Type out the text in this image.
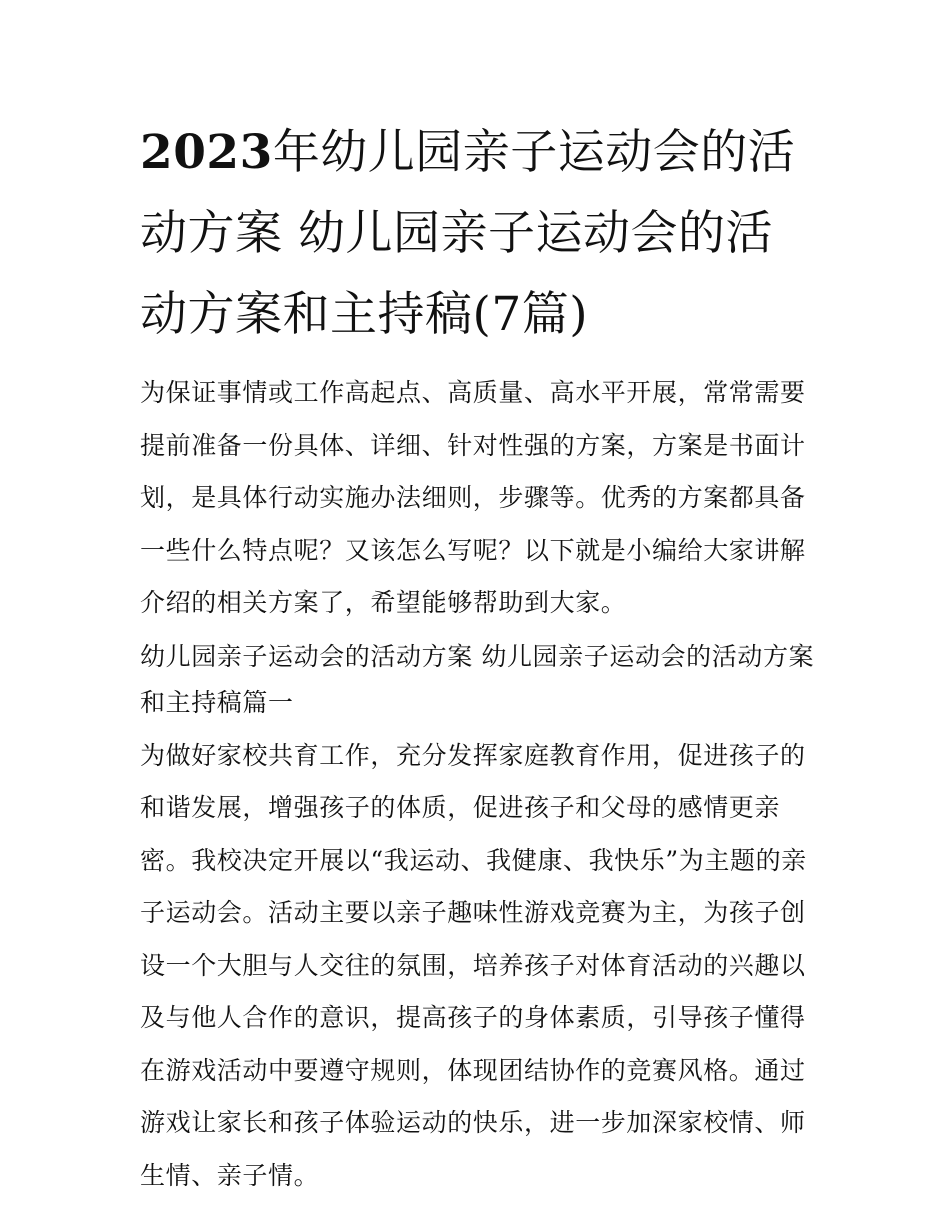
2023年幼儿园亲子运动会的活动方案 幼儿园亲子运动会的活动方案和主持稿(7篇)

为保证事情或工作高起点、高质量、高水平开展，常常需要提前准备一份具体、详细、针对性强的方案，方案是书面计划，是具体行动实施办法细则，步骤等。优秀的方案都具备一些什么特点呢？又该怎么写呢？以下就是小编给大家讲解介绍的相关方案了，希望能够帮助到大家。

幼儿园亲子运动会的活动方案 幼儿园亲子运动会的活动方案和主持稿篇一

为做好家校共育工作，充分发挥家庭教育作用，促进孩子的和谐发展，增强孩子的体质，促进孩子和父母的感情更亲密。我校决定开展以“我运动、我健康、我快乐”为主题的亲子运动会。活动主要以亲子趣味性游戏竞赛为主，为孩子创设一个大胆与人交往的氛围，培养孩子对体育活动的兴趣以及与他人合作的意识，提高孩子的身体素质，引导孩子懂得在游戏活动中要遵守规则，体现团结协作的竞赛风格。通过游戏让家长和孩子体验运动的快乐，进一步加深家校情、师生情、亲子情。
